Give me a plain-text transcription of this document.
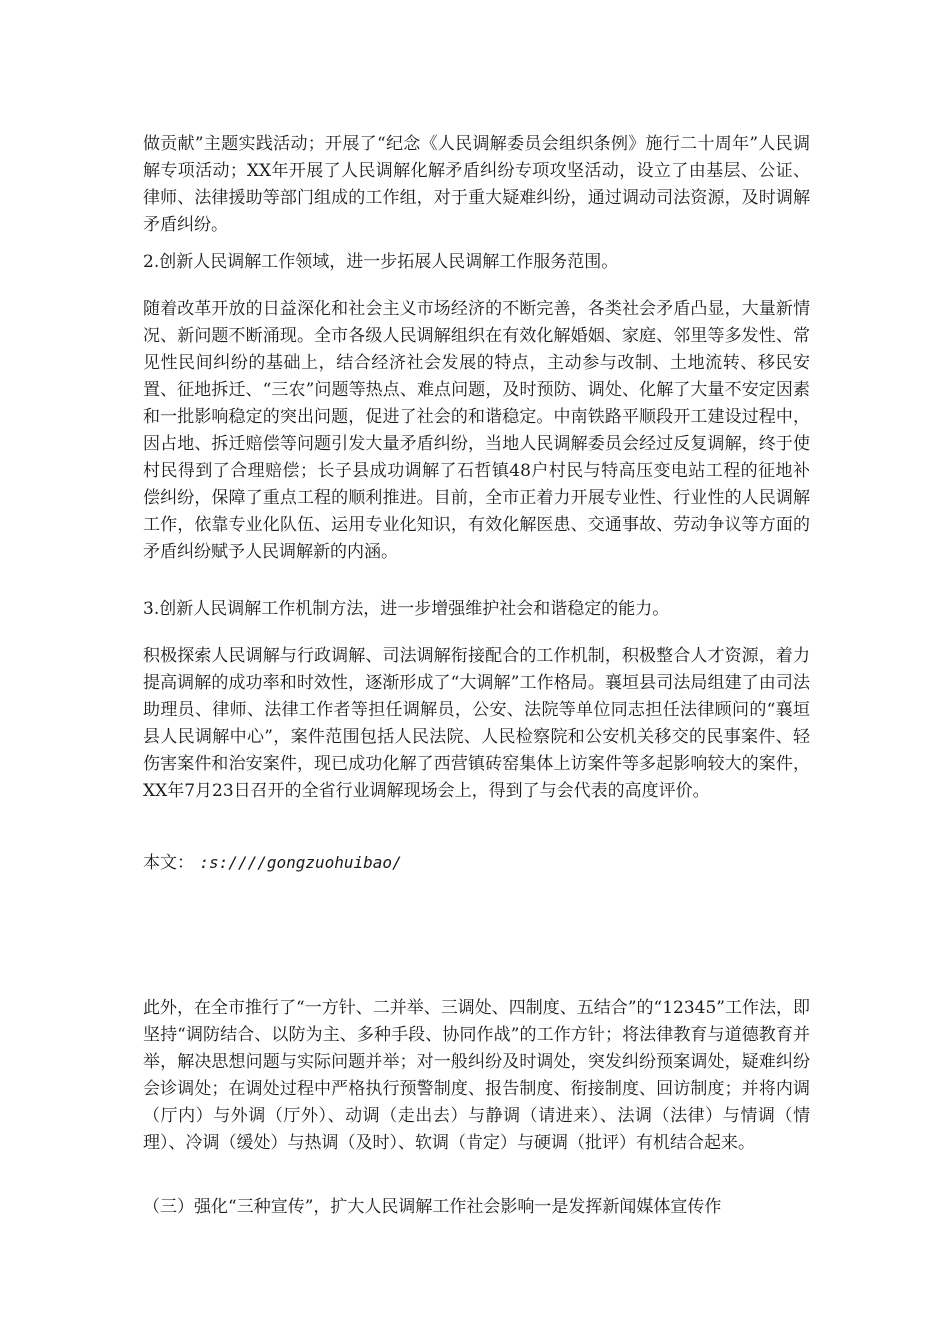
做贡献”主题实践活动；开展了“纪念《人民调解委员会组织条例》施行二十周年”人民调解专项活动；XX年开展了人民调解化解矛盾纠纷专项攻坚活动，设立了由基层、公证、律师、法律援助等部门组成的工作组，对于重大疑难纠纷，通过调动司法资源，及时调解矛盾纠纷。

2.创新人民调解工作领域，进一步拓展人民调解工作服务范围。

随着改革开放的日益深化和社会主义市场经济的不断完善，各类社会矛盾凸显，大量新情况、新问题不断涌现。全市各级人民调解组织在有效化解婚姻、家庭、邻里等多发性、常见性民间纠纷的基础上，结合经济社会发展的特点，主动参与改制、土地流转、移民安置、征地拆迁、“三农”问题等热点、难点问题，及时预防、调处、化解了大量不安定因素和一批影响稳定的突出问题，促进了社会的和谐稳定。中南铁路平顺段开工建设过程中，因占地、拆迁赔偿等问题引发大量矛盾纠纷，当地人民调解委员会经过反复调解，终于使村民得到了合理赔偿；长子县成功调解了石哲镇48户村民与特高压变电站工程的征地补偿纠纷，保障了重点工程的顺利推进。目前，全市正着力开展专业性、行业性的人民调解工作，依靠专业化队伍、运用专业化知识，有效化解医患、交通事故、劳动争议等方面的矛盾纠纷赋予人民调解新的内涵。

3.创新人民调解工作机制方法，进一步增强维护社会和谐稳定的能力。

积极探索人民调解与行政调解、司法调解衔接配合的工作机制，积极整合人才资源，着力提高调解的成功率和时效性，逐渐形成了“大调解”工作格局。襄垣县司法局组建了由司法助理员、律师、法律工作者等担任调解员，公安、法院等单位同志担任法律顾问的“襄垣县人民调解中心”，案件范围包括人民法院、人民检察院和公安机关移交的民事案件、轻伤害案件和治安案件，现已成功化解了西营镇砖窑集体上访案件等多起影响较大的案件，XX年7月23日召开的全省行业调解现场会上，得到了与会代表的高度评价。

本文： :s:////gongzuohuibao/

此外，在全市推行了“一方针、二并举、三调处、四制度、五结合”的“12345”工作法，即坚持“调防结合、以防为主、多种手段、协同作战”的工作方针；将法律教育与道德教育并举，解决思想问题与实际问题并举；对一般纠纷及时调处，突发纠纷预案调处，疑难纠纷会诊调处；在调处过程中严格执行预警制度、报告制度、衔接制度、回访制度；并将内调（厅内）与外调（厅外）、动调（走出去）与静调（请进来）、法调（法律）与情调（情理）、冷调（缓处）与热调（及时）、软调（肯定）与硬调（批评）有机结合起来。

（三）强化“三种宣传”，扩大人民调解工作社会影响一是发挥新闻媒体宣传作
